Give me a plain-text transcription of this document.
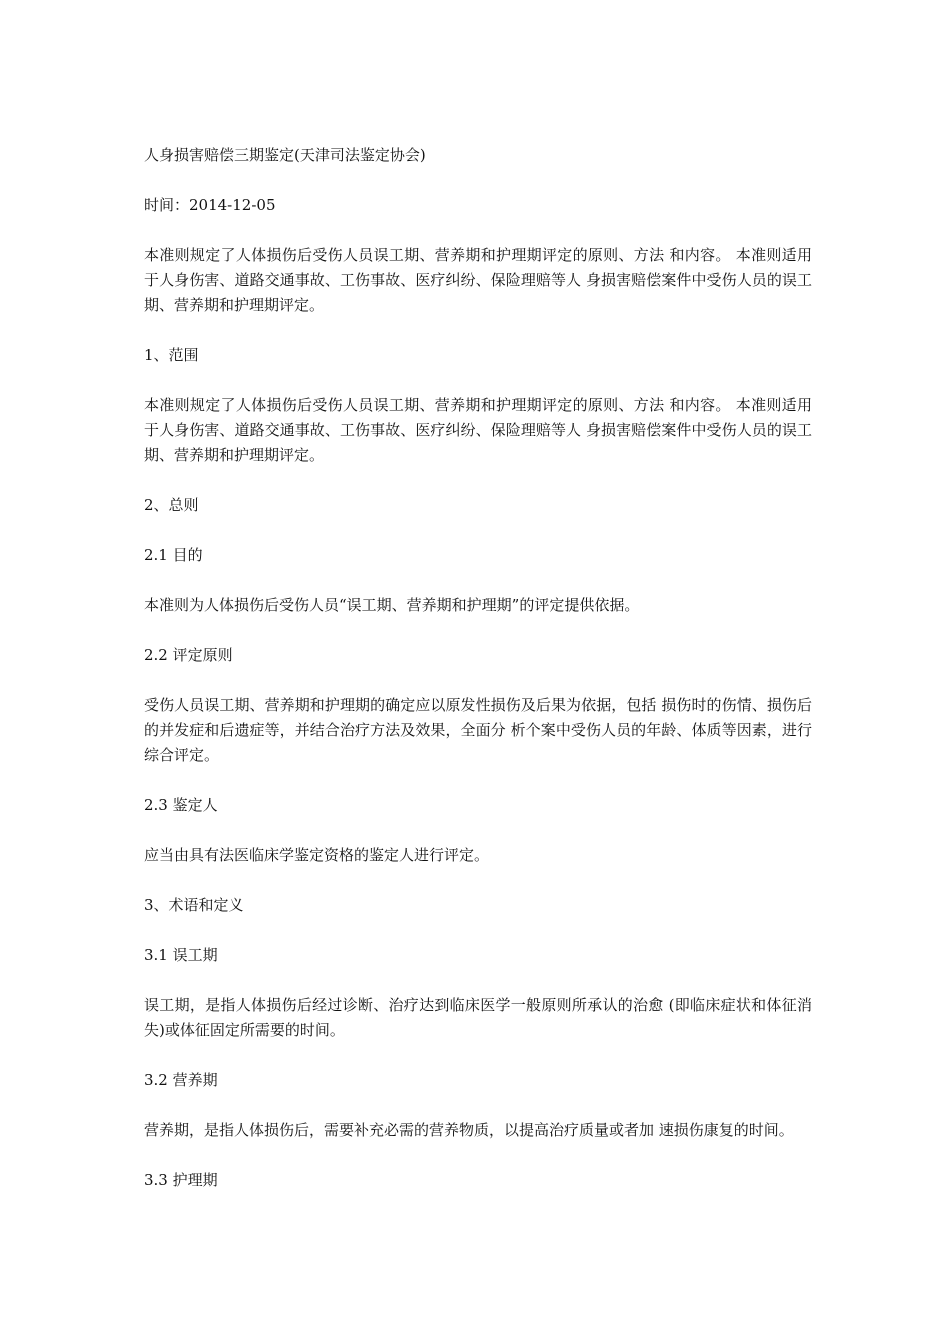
人身损害赔偿三期鉴定(天津司法鉴定协会)

时间：2014-12-05

本准则规定了人体损伤后受伤人员误工期、营养期和护理期评定的原则、方法 和内容。 本准则适用于人身伤害、道路交通事故、工伤事故、医疗纠纷、保险理赔等人 身损害赔偿案件中受伤人员的误工期、营养期和护理期评定。

1、范围

本准则规定了人体损伤后受伤人员误工期、营养期和护理期评定的原则、方法 和内容。 本准则适用于人身伤害、道路交通事故、工伤事故、医疗纠纷、保险理赔等人 身损害赔偿案件中受伤人员的误工期、营养期和护理期评定。

2、总则

2.1 目的

本准则为人体损伤后受伤人员“误工期、营养期和护理期”的评定提供依据。

2.2 评定原则

受伤人员误工期、营养期和护理期的确定应以原发性损伤及后果为依据，包括 损伤时的伤情、损伤后的并发症和后遗症等，并结合治疗方法及效果，全面分 析个案中受伤人员的年龄、体质等因素，进行综合评定。

2.3 鉴定人

应当由具有法医临床学鉴定资格的鉴定人进行评定。

3、术语和定义

3.1 误工期

误工期，是指人体损伤后经过诊断、治疗达到临床医学一般原则所承认的治愈 (即临床症状和体征消失)或体征固定所需要的时间。

3.2 营养期

营养期，是指人体损伤后，需要补充必需的营养物质，以提高治疗质量或者加 速损伤康复的时间。

3.3 护理期
